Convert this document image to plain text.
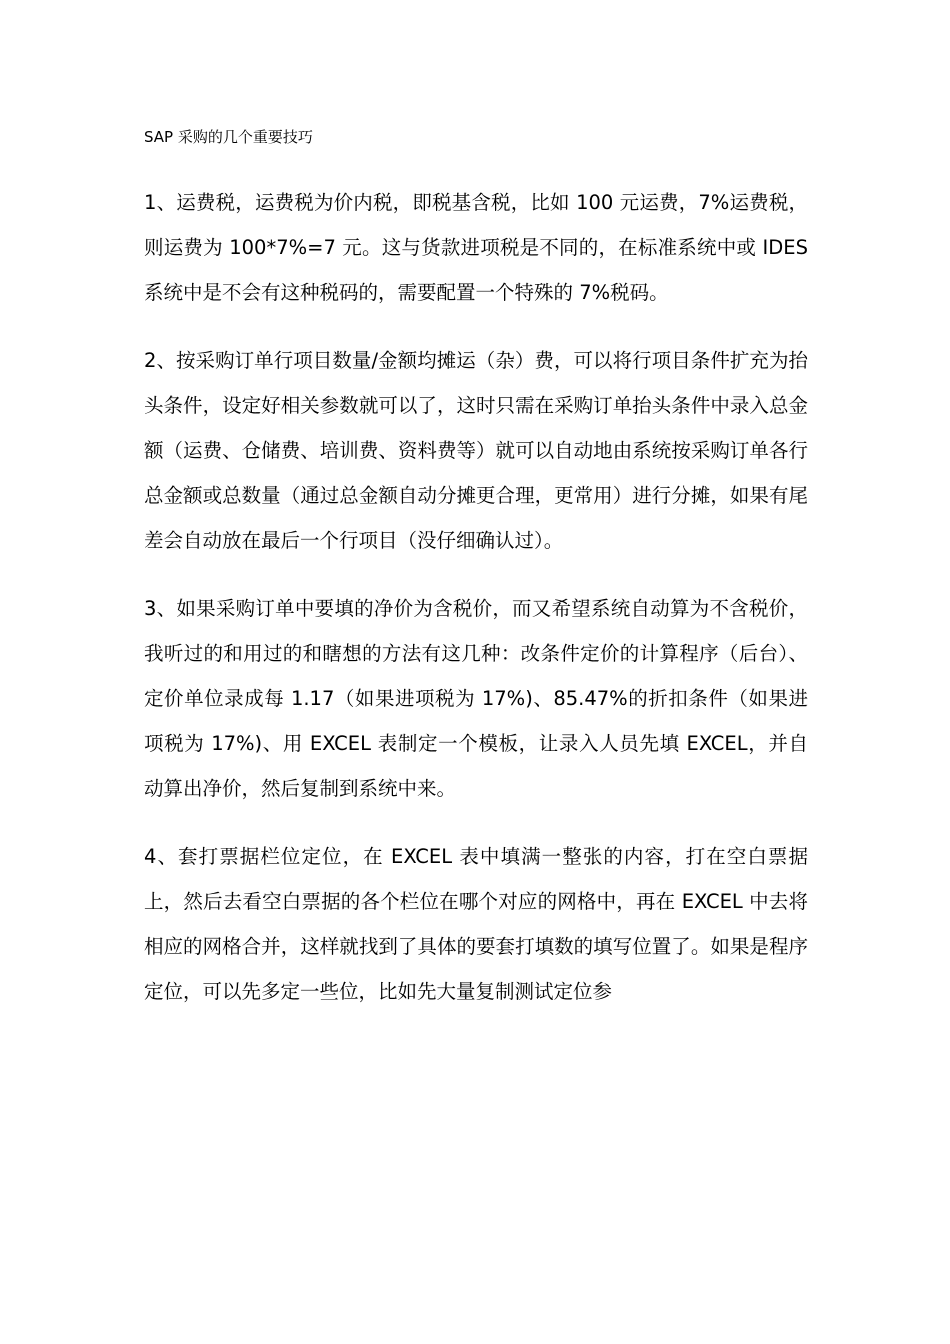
SAP 采购的几个重要技巧

1、运费税，运费税为价内税，即税基含税，比如 100 元运费，7%运费税，则运费为 100*7%=7 元。这与货款进项税是不同的，在标准系统中或 IDES 系统中是不会有这种税码的，需要配置一个特殊的 7%税码。

2、按采购订单行项目数量/金额均摊运（杂）费，可以将行项目条件扩充为抬头条件，设定好相关参数就可以了，这时只需在采购订单抬头条件中录入总金额（运费、仓储费、培训费、资料费等）就可以自动地由系统按采购订单各行总金额或总数量（通过总金额自动分摊更合理，更常用）进行分摊，如果有尾差会自动放在最后一个行项目（没仔细确认过）。

3、如果采购订单中要填的净价为含税价，而又希望系统自动算为不含税价，我听过的和用过的和瞎想的方法有这几种：改条件定价的计算程序（后台）、定价单位录成每 1.17（如果进项税为 17%)、85.47%的折扣条件（如果进项税为 17%)、用 EXCEL 表制定一个模板，让录入人员先填 EXCEL，并自动算出净价，然后复制到系统中来。

4、套打票据栏位定位，在 EXCEL 表中填满一整张的内容，打在空白票据上，然后去看空白票据的各个栏位在哪个对应的网格中，再在 EXCEL 中去将相应的网格合并，这样就找到了具体的要套打填数的填写位置了。如果是程序定位，可以先多定一些位，比如先大量复制测试定位参
